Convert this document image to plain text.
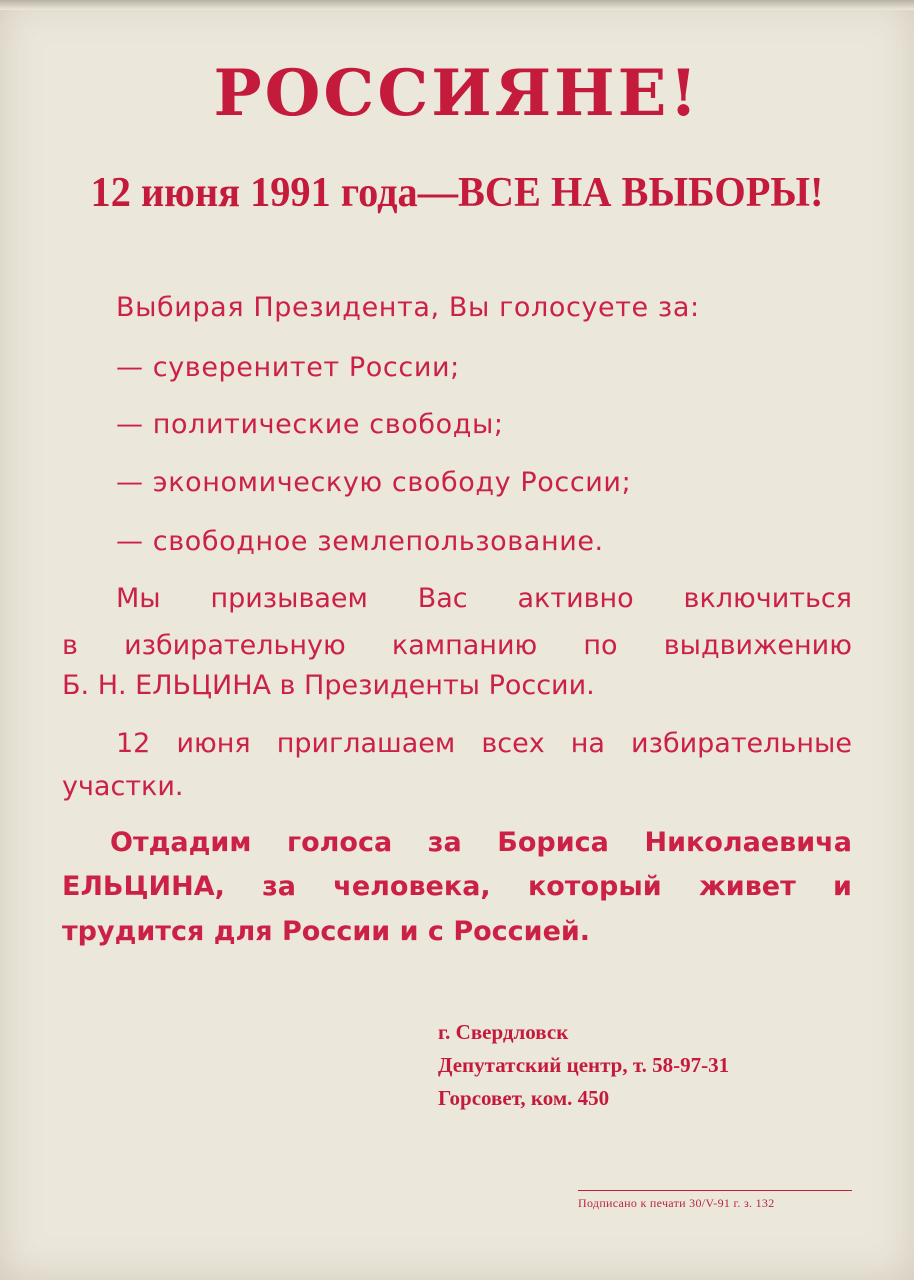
РОССИЯНЕ!
12 июня 1991 года—ВСЕ НА ВЫБОРЫ!
Выбирая Президента, Вы голосуете за:
— суверенитет России;
— политические свободы;
— экономическую свободу России;
— свободное землепользование.
Мы призываем Вас активно включиться
в избирательную кампанию по выдвижению
Б. Н. ЕЛЬЦИНА в Президенты России.
12 июня приглашаем всех на избирательные
участки.
Отдадим голоса за Бориса Николаевича
ЕЛЬЦИНА, за человека, который живет и
трудится для России и с Россией.
г. Свердловск
Депутатский центр, т. 58-97-31
Горсовет, ком. 450
Подписано к печати 30/V-91 г. з. 132
